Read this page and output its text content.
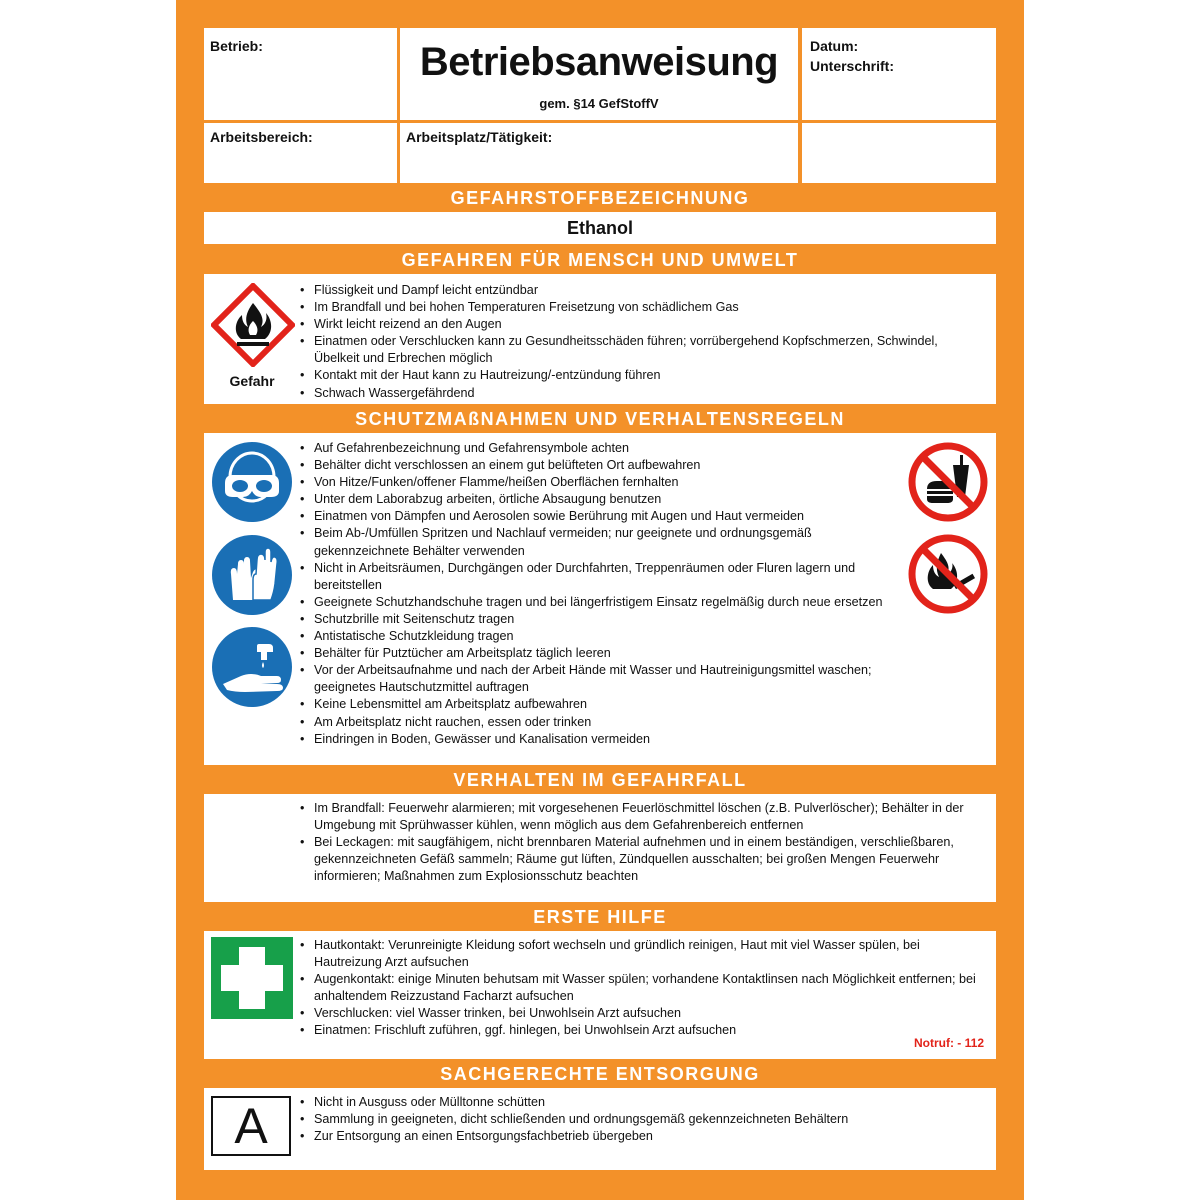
Betrieb:	Betriebsanweisung
gem. §14 GefStoffV
Datum:
Unterschrift:
Arbeitsbereich:	Arbeitsplatz/Tätigkeit:
GEFAHRSTOFFBEZEICHNUNG
Ethanol
GEFAHREN FÜR MENSCH UND UMWELT
Gefahr
• Flüssigkeit und Dampf leicht entzündbar
• Im Brandfall und bei hohen Temperaturen Freisetzung von schädlichem Gas
• Wirkt leicht reizend an den Augen
• Einatmen oder Verschlucken kann zu Gesundheitsschäden führen; vorrübergehend Kopfschmerzen, Schwindel, Übelkeit und Erbrechen möglich
• Kontakt mit der Haut kann zu Hautreizung/-entzündung führen
• Schwach Wassergefährdend
SCHUTZMAßNAHMEN UND VERHALTENSREGELN
• Auf Gefahrenbezeichnung und Gefahrensymbole achten
• Behälter dicht verschlossen an einem gut belüfteten Ort aufbewahren
• Von Hitze/Funken/offener Flamme/heißen Oberflächen fernhalten
• Unter dem Laborabzug arbeiten, örtliche Absaugung benutzen
• Einatmen von Dämpfen und Aerosolen sowie Berührung mit Augen und Haut vermeiden
• Beim Ab-/Umfüllen Spritzen und Nachlauf vermeiden; nur geeignete und ordnungsgemäß gekennzeichnete Behälter verwenden
• Nicht in Arbeitsräumen, Durchgängen oder Durchfahrten, Treppenräumen oder Fluren lagern und bereitstellen
• Geeignete Schutzhandschuhe tragen und bei längerfristigem Einsatz regelmäßig durch neue ersetzen
• Schutzbrille mit Seitenschutz tragen
• Antistatische Schutzkleidung tragen
• Behälter für Putztücher am Arbeitsplatz täglich leeren
• Vor der Arbeitsaufnahme und nach der Arbeit Hände mit Wasser und Hautreinigungsmittel waschen; geeignetes Hautschutzmittel auftragen
• Keine Lebensmittel am Arbeitsplatz aufbewahren
• Am Arbeitsplatz nicht rauchen, essen oder trinken
• Eindringen in Boden, Gewässer und Kanalisation vermeiden
VERHALTEN IM GEFAHRFALL
• Im Brandfall: Feuerwehr alarmieren; mit vorgesehenen Feuerlöschmittel löschen (z.B. Pulverlöscher); Behälter in der Umgebung mit Sprühwasser kühlen, wenn möglich aus dem Gefahrenbereich entfernen
• Bei Leckagen: mit saugfähigem, nicht brennbaren Material aufnehmen und in einem beständigen, verschließbaren, gekennzeichneten Gefäß sammeln; Räume gut lüften, Zündquellen ausschalten; bei großen Mengen Feuerwehr informieren; Maßnahmen zum Explosionsschutz beachten
ERSTE HILFE
• Hautkontakt: Verunreinigte Kleidung sofort wechseln und gründlich reinigen, Haut mit viel Wasser spülen, bei Hautreizung Arzt aufsuchen
• Augenkontakt: einige Minuten behutsam mit Wasser spülen; vorhandene Kontaktlinsen nach Möglichkeit entfernen; bei anhaltendem Reizzustand Facharzt aufsuchen
• Verschlucken: viel Wasser trinken, bei Unwohlsein Arzt aufsuchen
• Einatmen: Frischluft zuführen, ggf. hinlegen, bei Unwohlsein Arzt aufsuchen
Notruf: - 112
SACHGERECHTE ENTSORGUNG
A
•	Nicht in Ausguss oder Mülltonne schütten
• Sammlung in geeigneten, dicht schließenden und ordnungsgemäß gekennzeichneten Behältern
• Zur Entsorgung an einen Entsorgungsfachbetrieb übergeben
